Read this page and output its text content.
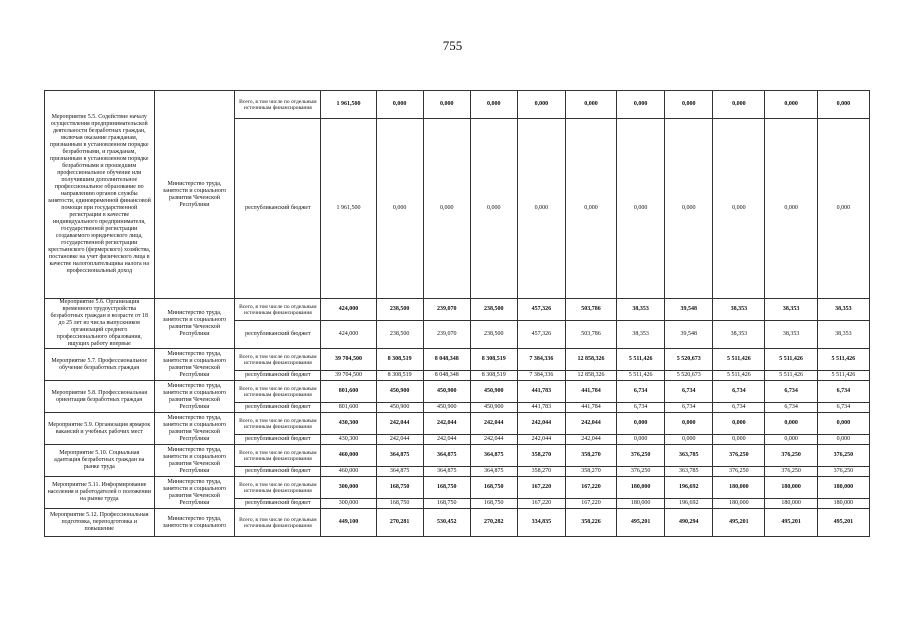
755
Мероприятие 5.5. Содействие началу осуществления предпринимательской деятельности безработных граждан, включая оказание гражданам, признанным в установленном порядке безработными, и гражданам, признанным в установленном порядке безработными и прошедшим профессиональное обучение или получившим дополнительное профессиональное образование по направлению органов службы занятости, единовременной финансовой помощи при государственной регистрации в качестве индивидуального предпринимателя, государственной регистрации создаваемого юридического лица, государственной регистрации крестьянского (фермерского) хозяйства, постановке на учет физического лица в качестве налогоплательщика налога на профессиональный доход	Министерство труда, занятости и социального развития Чеченской Республики	Всего, в том числе по отдельным источникам финансирования	1 961,500	0,000	0,000	0,000	0,000	0,000	0,000	0,000	0,000	0,000	0,000
		республиканский бюджет	1 961,500	0,000	0,000	0,000	0,000	0,000	0,000	0,000	0,000	0,000	0,000
Мероприятие 5.6. Организация временного трудоустройства безработных граждан в возрасте от 18 до 25 лет из числа выпускников организаций среднего профессионального образования, ищущих работу впервые	Министерство труда, занятости и социального развития Чеченской Республики	Всего, в том числе по отдельным источникам финансирования	424,000	238,500	239,070	238,500	457,326	503,786	38,353	39,548	38,353	38,353	38,353
		республиканский бюджет	424,000	238,500	239,070	238,500	457,326	503,786	38,353	39,548	38,353	38,353	38,353
Мероприятие 5.7. Профессиональное обучение безработных граждан	Министерство труда, занятости и социального развития Чеченской Республики	Всего, в том числе по отдельным источникам финансирования	39 704,500	8 308,519	8 048,348	8 308,519	7 384,336	12 858,326	5 511,426	5 520,673	5 511,426	5 511,426	5 511,426
		республиканский бюджет	39 704,500	8 308,519	8 048,348	8 308,519	7 384,336	12 858,326	5 511,426	5 520,673	5 511,426	5 511,426	5 511,426
Мероприятие 5.8. Профессиональная ориентация безработных граждан	Министерство труда, занятости и социального развития Чеченской Республики	Всего, в том числе по отдельным источникам финансирования	801,600	450,900	450,900	450,900	441,783	441,784	6,734	6,734	6,734	6,734	6,734
		республиканский бюджет	801,600	450,900	450,900	450,900	441,783	441,784	6,734	6,734	6,734	6,734	6,734
Мероприятие 5.9. Организация ярмарок вакансий и учебных рабочих мест	Министерство труда, занятости и социального развития Чеченской Республики	Всего, в том числе по отдельным источникам финансирования	430,300	242,044	242,044	242,044	242,044	242,044	0,000	0,000	0,000	0,000	0,000
		республиканский бюджет	430,300	242,044	242,044	242,044	242,044	242,044	0,000	0,000	0,000	0,000	0,000
Мероприятие 5.10. Социальная адаптация безработных граждан на рынке труда	Министерство труда, занятости и социального развития Чеченской Республики	Всего, в том числе по отдельным источникам финансирования	460,000	364,875	364,875	364,875	358,270	358,270	376,250	363,785	376,250	376,250	376,250
		республиканский бюджет	460,000	364,875	364,875	364,875	358,270	358,270	376,250	363,785	376,250	376,250	376,250
Мероприятие 5.11. Информирование населения и работодателей о положении на рынке труда	Министерство труда, занятости и социального развития Чеченской Республики	Всего, в том числе по отдельным источникам финансирования	300,000	168,750	168,750	168,750	167,220	167,220	180,000	196,692	180,000	180,000	180,000
		республиканский бюджет	300,000	168,750	168,750	168,750	167,220	167,220	180,000	196,692	180,000	180,000	180,000
Мероприятие 5.12. Профессиональная подготовка, переподготовка и повышение	Министерство труда, занятости и социального	Всего, в том числе по отдельным источникам финансирования	449,100	270,281	530,452	270,282	334,835	358,226	495,201	490,294	495,201	495,201	495,201
